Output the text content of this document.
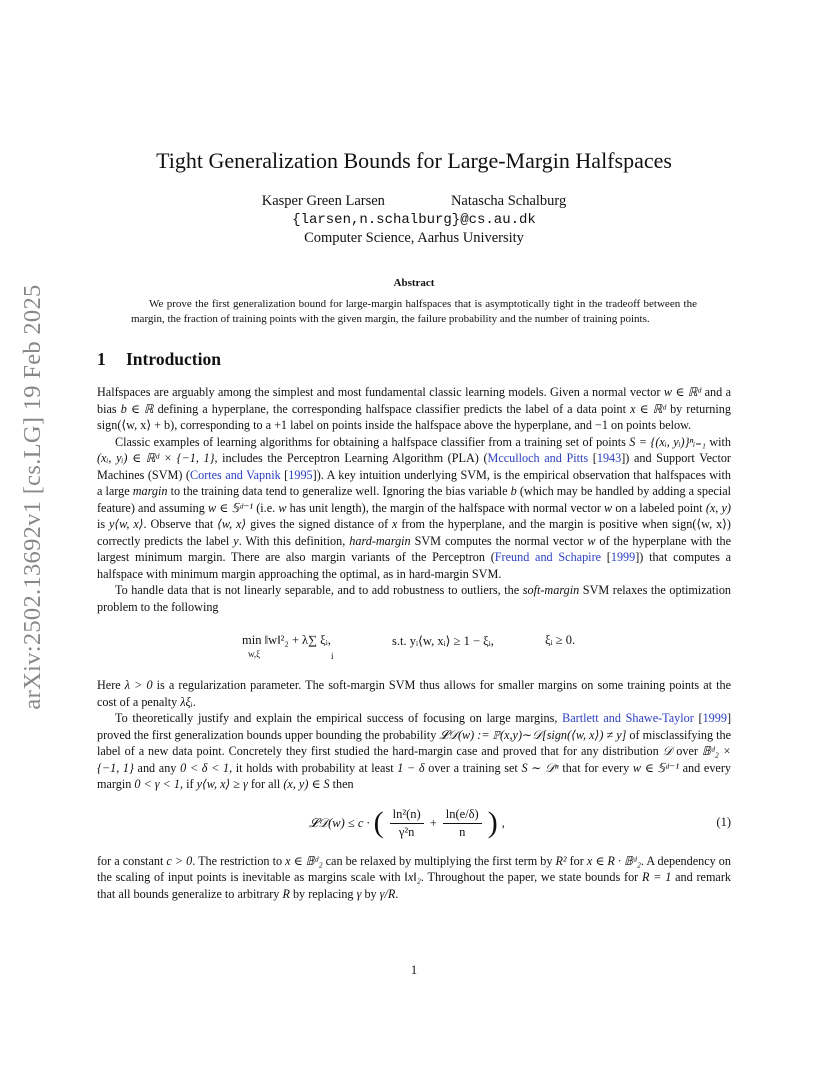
arXiv:2502.13692v1 [cs.LG] 19 Feb 2025
Tight Generalization Bounds for Large-Margin Halfspaces
Kasper Green Larsen	Natascha Schalburg
{larsen,n.schalburg}@cs.au.dk
Computer Science, Aarhus University
Abstract
We prove the first generalization bound for large-margin halfspaces that is asymptotically tight in the tradeoff between the margin, the fraction of training points with the given margin, the failure probability and the number of training points.
1 Introduction

Halfspaces are arguably among the simplest and most fundamental classic learning models. Given a normal vector w ∈ ℝᵈ and a bias b ∈ ℝ defining a hyperplane, the corresponding halfspace classifier predicts the label of a data point x ∈ ℝᵈ by returning sign(⟨w, x⟩ + b), corresponding to a +1 label on points inside the halfspace above the hyperplane, and −1 on points below.

Classic examples of learning algorithms for obtaining a halfspace classifier from a training set of points S = {(xᵢ, yᵢ)}ⁿᵢ₌₁ with (xᵢ, yᵢ) ∈ ℝᵈ × {−1, 1}, includes the Perceptron Learning Algorithm (PLA) (Mcculloch and Pitts [1943]) and Support Vector Machines (SVM) (Cortes and Vapnik [1995]). A key intuition underlying SVM, is the empirical observation that halfspaces with a large margin to the training data tend to generalize well. Ignoring the bias variable b (which may be handled by adding a special feature) and assuming w ∈ 𝕊ᵈ⁻¹ (i.e. w has unit length), the margin of the halfspace with normal vector w on a labeled point (x, y) is y⟨w, x⟩. Observe that ⟨w, x⟩ gives the signed distance of x from the hyperplane, and the margin is positive when sign(⟨w, x⟩) correctly predicts the label y. With this definition, hard-margin SVM computes the normal vector w of the hyperplane with the largest minimum margin. There are also margin variants of the Perceptron (Freund and Schapire [1999]) that computes a halfspace with minimum margin approaching the optimal, as in hard-margin SVM.

To handle data that is not linearly separable, and to add robustness to outliers, the soft-margin SVM relaxes the optimization problem to the following

min ‖w‖²₂ + λ∑ ξᵢ,
w,ξ	i
s.t. yᵢ⟨w, xᵢ⟩ ≥ 1 − ξᵢ,	ξᵢ ≥ 0.

Here λ > 0 is a regularization parameter. The soft-margin SVM thus allows for smaller margins on some training points at the cost of a penalty λξᵢ.

To theoretically justify and explain the empirical success of focusing on large margins, Bartlett and Shawe-Taylor [1999] proved the first generalization bounds upper bounding the probability 𝓛𝒟(w) := ℙ(x,y)∼𝒟[sign(⟨w, x⟩) ≠ y] of misclassifying the label of a new data point. Concretely they first studied the hard-margin case and proved that for any distribution 𝒟 over 𝔹ᵈ₂ × {−1, 1} and any 0 < δ < 1, it holds with probability at least 1 − δ over a training set S ∼ 𝒟ⁿ that for every w ∈ 𝕊ᵈ⁻¹ and every margin 0 < γ < 1, if y⟨w, x⟩ ≥ γ for all (x, y) ∈ S then

𝓛𝒟(w) ≤ c · ( $\frac{\text{ln²(n)}}{\text{γ²n}} + \frac{\ln(e/\delta)}{n}$ ) ,	(1)

for a constant c > 0. The restriction to x ∈ 𝔹ᵈ₂ can be relaxed by multiplying the first term by R² for x ∈ R · 𝔹ᵈ₂. A dependency on the scaling of input points is inevitable as margins scale with ‖x‖₂. Throughout the paper, we state bounds for R = 1 and remark that all bounds generalize to arbitrary R by replacing γ by γ/R.

1
